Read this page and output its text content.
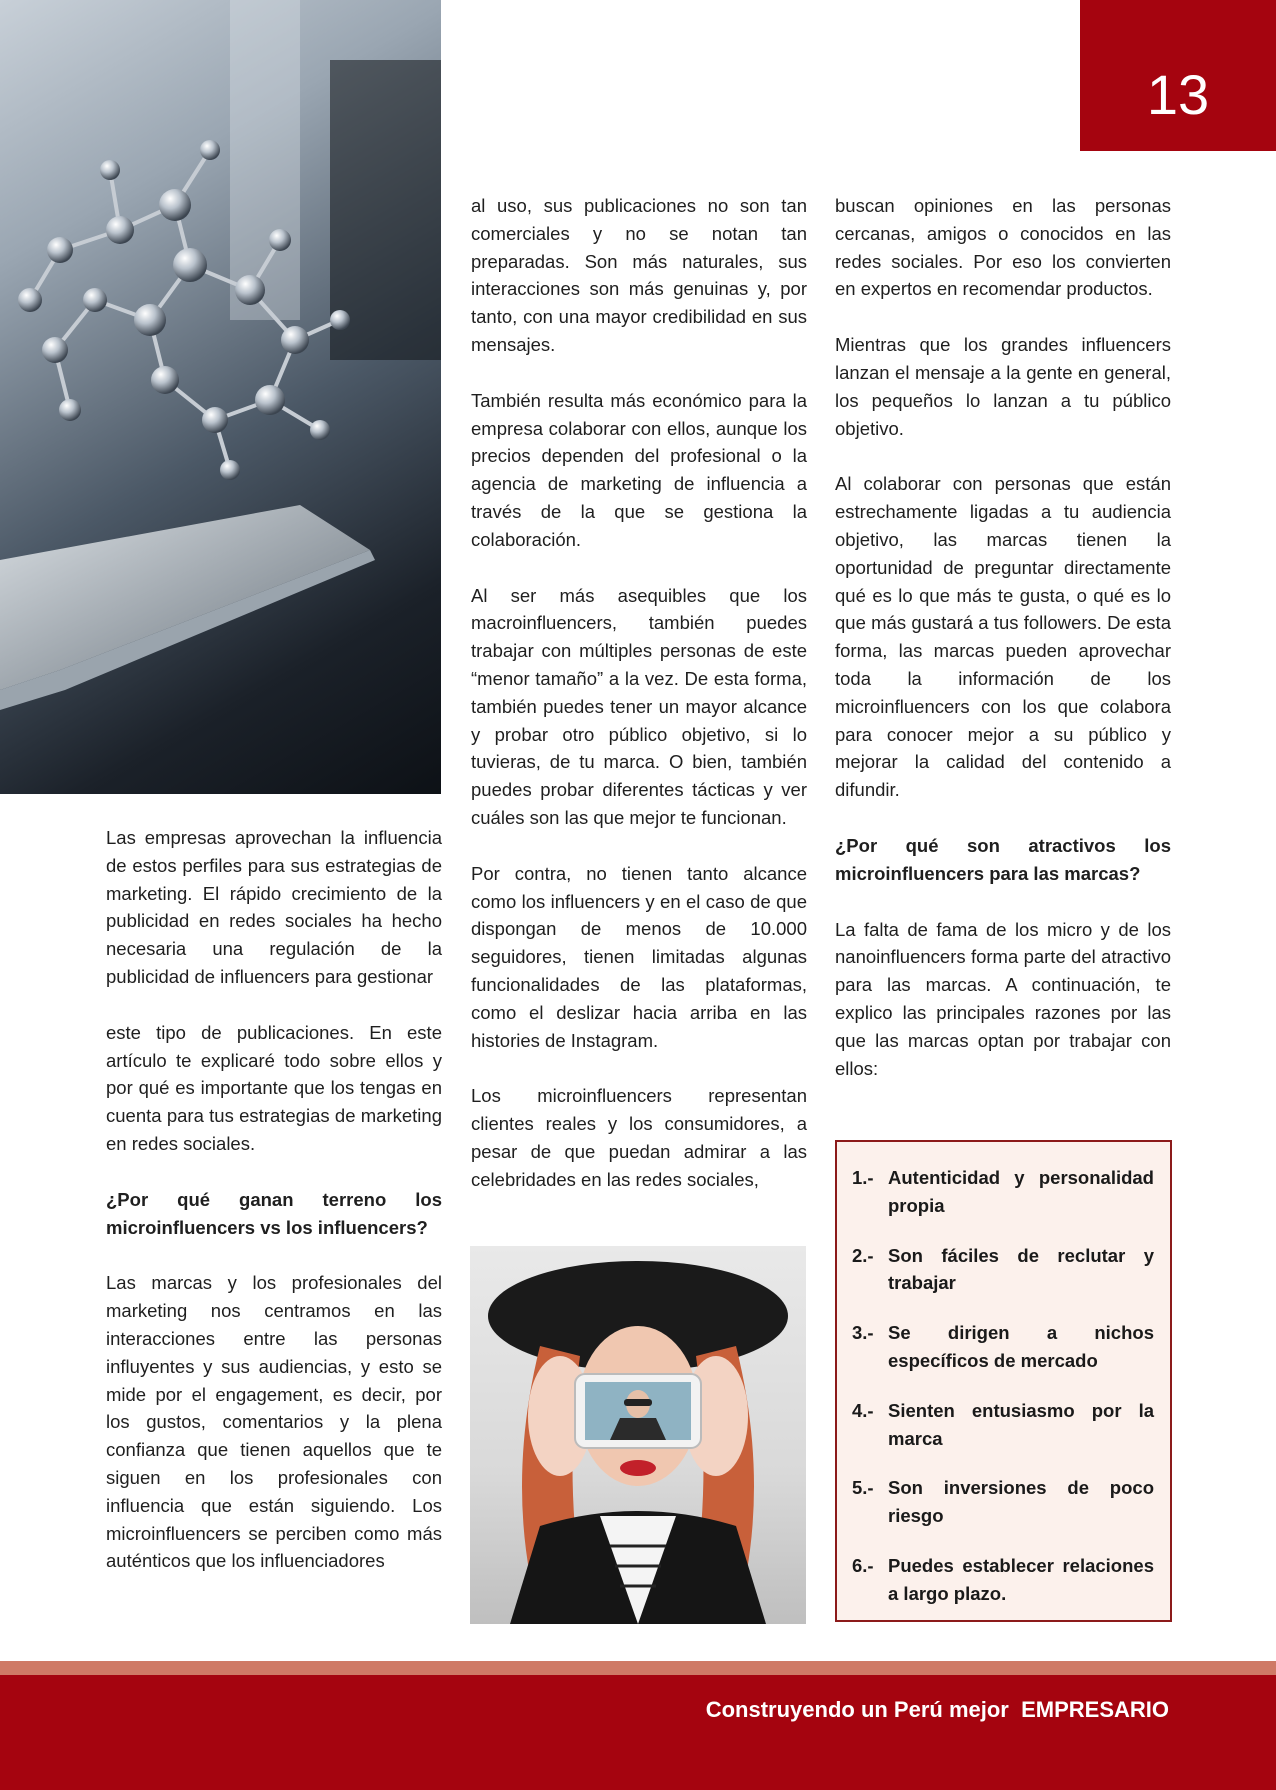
13

Las empresas aprovechan la influencia de estos perfiles para sus estrategias de marketing. El rápido crecimiento de la publicidad en redes sociales ha hecho necesaria una regulación de la publicidad de influencers para gestionar

este tipo de publicaciones. En este artículo te explicaré todo sobre ellos y por qué es importante que los tengas en cuenta para tus estrategias de marketing en redes sociales.

¿Por qué ganan terreno los microinfluencers vs los influencers?

Las marcas y los profesionales del marketing nos centramos en las interacciones entre las personas influyentes y sus audiencias, y esto se mide por el engagement, es decir, por los gustos, comentarios y la plena confianza que tienen aquellos que te siguen en los profesionales con influencia que están siguiendo. Los microinfluencers se perciben como más auténticos que los influenciadores

al uso, sus publicaciones no son tan comerciales y no se notan tan preparadas. Son más naturales, sus interacciones son más genuinas y, por tanto, con una mayor credibilidad en sus mensajes.

También resulta más económico para la empresa colaborar con ellos, aunque los precios dependen del profesional o la agencia de marketing de influencia a través de la que se gestiona la colaboración.

Al ser más asequibles que los macroinfluencers, también puedes trabajar con múltiples personas de este “menor tamaño” a la vez. De esta forma, también puedes tener un mayor alcance y probar otro público objetivo, si lo tuvieras, de tu marca. O bien, también puedes probar diferentes tácticas y ver cuáles son las que mejor te funcionan.

Por contra, no tienen tanto alcance como los influencers y en el caso de que dispongan de menos de 10.000 seguidores, tienen limitadas algunas funcionalidades de las plataformas, como el deslizar hacia arriba en las histories de Instagram.

Los microinfluencers representan clientes reales y los consumidores, a pesar de que puedan admirar a las celebridades en las redes sociales,

buscan opiniones en las personas cercanas, amigos o conocidos en las redes sociales. Por eso los convierten en expertos en recomendar productos.

Mientras que los grandes influencers lanzan el mensaje a la gente en general, los pequeños lo lanzan a tu público objetivo.

Al colaborar con personas que están estrechamente ligadas a tu audiencia objetivo, las marcas tienen la oportunidad de preguntar directamente qué es lo que más te gusta, o qué es lo que más gustará a tus followers. De esta forma, las marcas pueden aprovechar toda la información de los microinfluencers con los que colabora para conocer mejor a su público y mejorar la calidad del contenido a difundir.

¿Por qué son atractivos los microinfluencers para las marcas?

La falta de fama de los micro y de los nanoinfluencers forma parte del atractivo para las marcas. A continuación, te explico las principales razones por las que las marcas optan por trabajar con ellos:

1.- Autenticidad y personalidad propia
2.- Son fáciles de reclutar y trabajar
3.- Se dirigen a nichos específicos de mercado
4.- Sienten entusiasmo por la marca
5.- Son inversiones de poco riesgo
6.- Puedes establecer relaciones a largo plazo.
Construyendo un Perú mejor  EMPRESARIO
